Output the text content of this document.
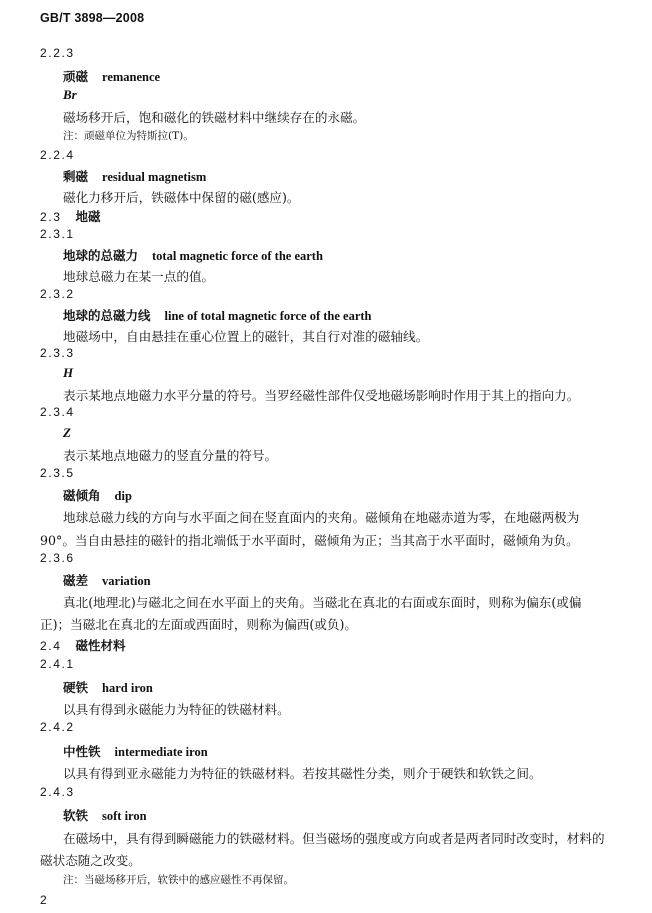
GB/T 3898—2008
2.2.3
顽磁 remanence
Br
磁场移开后，饱和磁化的铁磁材料中继续存在的永磁。
注：顽磁单位为特斯拉(T)。
2.2.4
剩磁 residual magnetism
磁化力移开后，铁磁体中保留的磁(感应)。
2.3 地磁
2.3.1
地球的总磁力 total magnetic force of the earth
地球总磁力在某一点的值。
2.3.2
地球的总磁力线 line of total magnetic force of the earth
地磁场中，自由悬挂在重心位置上的磁针，其自行对准的磁轴线。
2.3.3
H
表示某地点地磁力水平分量的符号。当罗经磁性部件仅受地磁场影响时作用于其上的指向力。
2.3.4
Z
表示某地点地磁力的竖直分量的符号。
2.3.5
磁倾角 dip
地球总磁力线的方向与水平面之间在竖直面内的夹角。磁倾角在地磁赤道为零，在地磁两极为
90°。当自由悬挂的磁针的指北端低于水平面时，磁倾角为正；当其高于水平面时，磁倾角为负。
2.3.6
磁差 variation
真北(地理北)与磁北之间在水平面上的夹角。当磁北在真北的右面或东面时，则称为偏东(或偏
正)；当磁北在真北的左面或西面时，则称为偏西(或负)。
2.4 磁性材料
2.4.1
硬铁 hard iron
以具有得到永磁能力为特征的铁磁材料。
2.4.2
中性铁 intermediate iron
以具有得到亚永磁能力为特征的铁磁材料。若按其磁性分类，则介于硬铁和软铁之间。
2.4.3
软铁 soft iron
在磁场中，具有得到瞬磁能力的铁磁材料。但当磁场的强度或方向或者是两者同时改变时，材料的
磁状态随之改变。
注：当磁场移开后，软铁中的感应磁性不再保留。
2
